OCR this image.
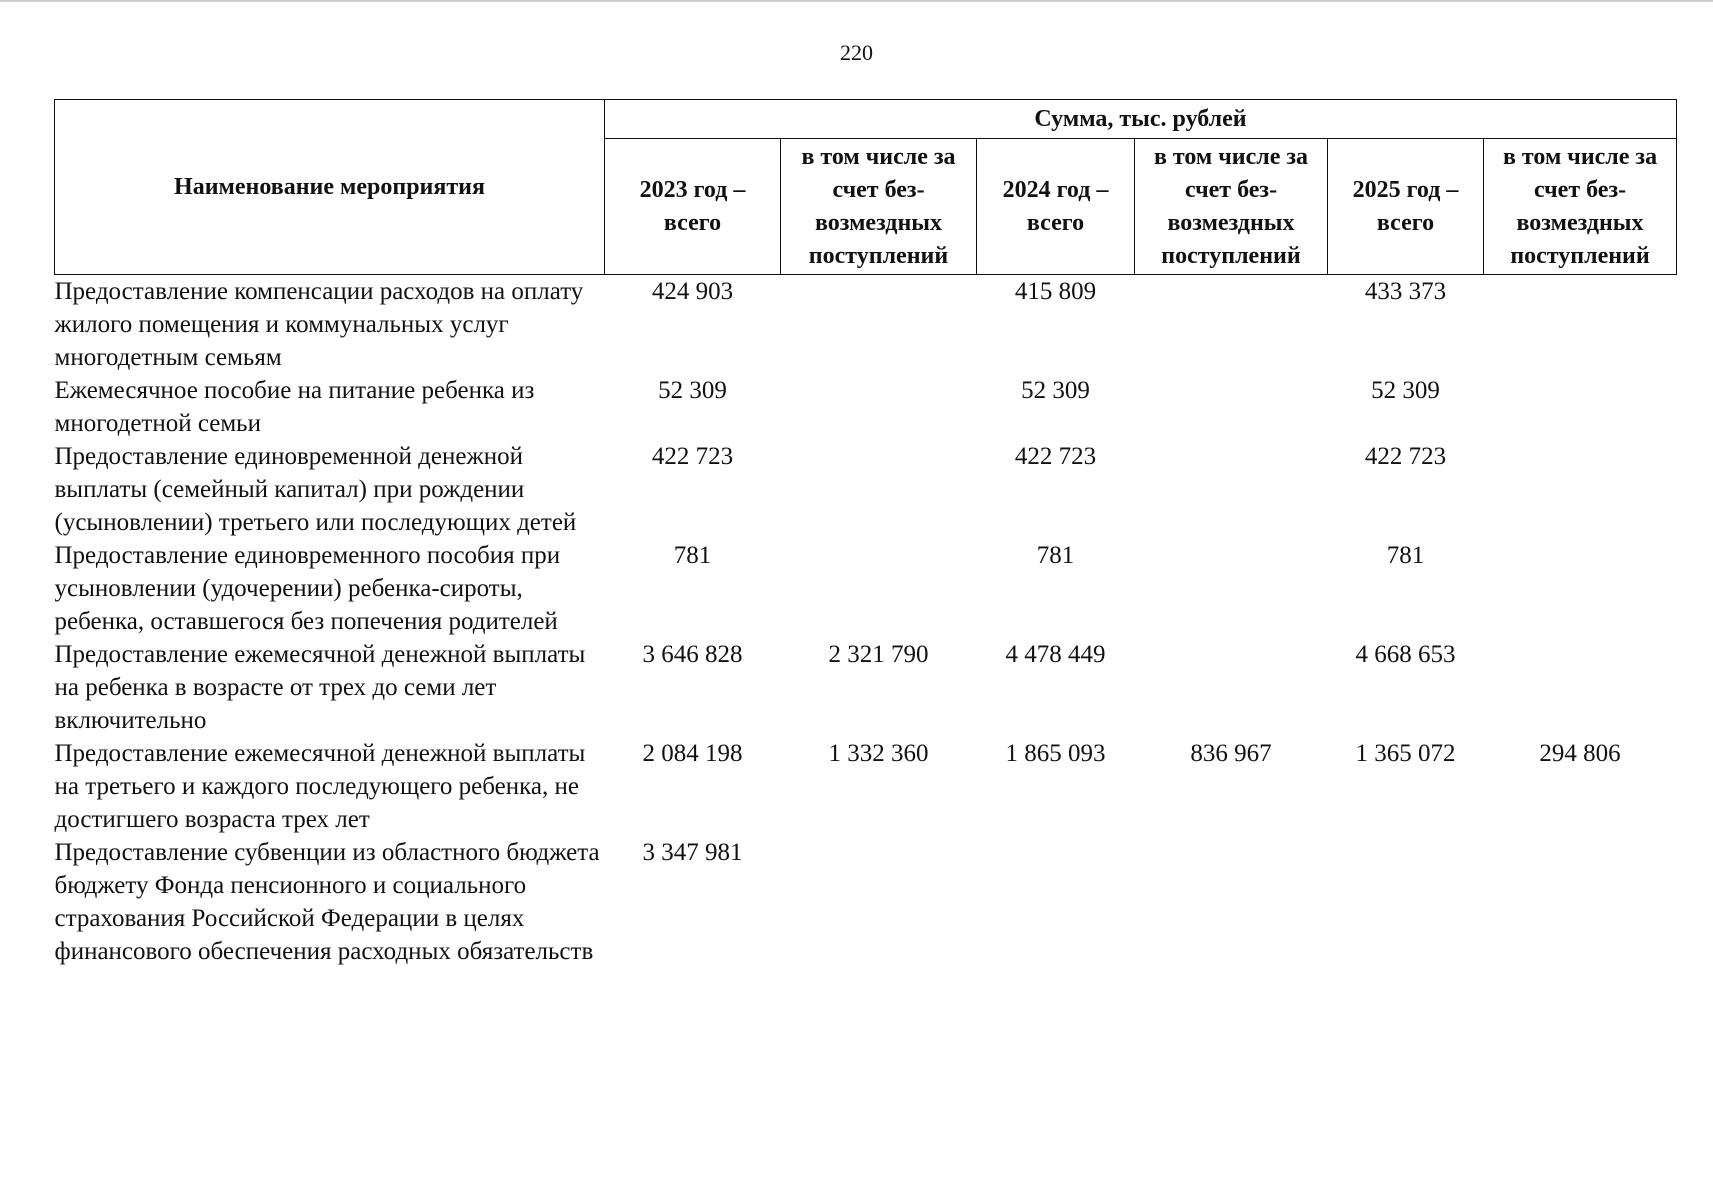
220
Наименование мероприятия	Сумма, тыс. рублей					
	2023 год – всего	в том числе за счет без-возмездных поступлений	2024 год – всего	в том числе за счет без-возмездных поступлений	2025 год – всего	в том числе за счет без-возмездных поступлений
Предоставление компенсации расходов на оплату жилого помещения и коммунальных услуг многодетным семьям	424 903		415 809		433 373	
Ежемесячное пособие на питание ребенка из многодетной семьи	52 309		52 309		52 309	
Предоставление единовременной денежной выплаты (семейный капитал) при рождении (усыновлении) третьего или последующих детей	422 723		422 723		422 723	
Предоставление единовременного пособия при усыновлении (удочерении) ребенка-сироты, ребенка, оставшегося без попечения родителей	781		781		781	
Предоставление ежемесячной денежной выплаты на ребенка в возрасте от трех до семи лет включительно	3 646 828	2 321 790	4 478 449		4 668 653	
Предоставление ежемесячной денежной выплаты на третьего и каждого последующего ребенка, не достигшего возраста трех лет	2 084 198	1 332 360	1 865 093	836 967	1 365 072	294 806
Предоставление субвенции из областного бюджета бюджету Фонда пенсионного и социального страхования Российской Федерации в целях финансового обеспечения расходных обязательств	3 347 981					
